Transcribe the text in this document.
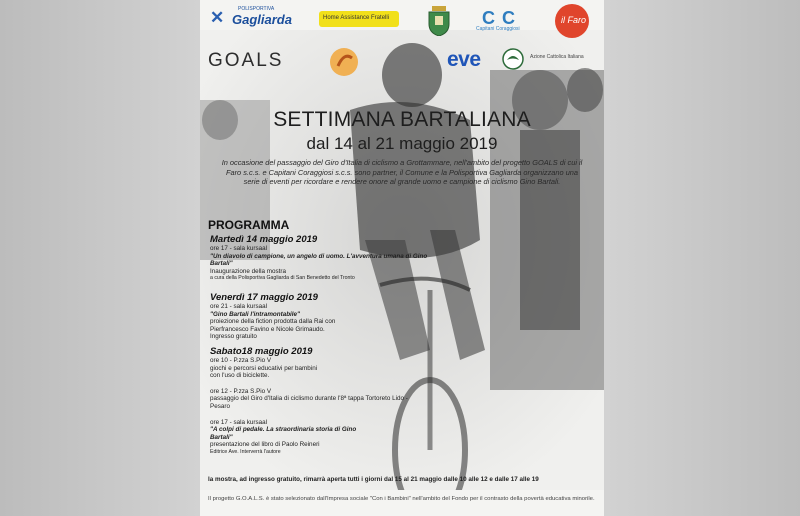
✕	POLISPORTIVA
Gagliarda	Home Assistance Fratelli	C C
Capitani Coraggiosi
il Faro
GOALS	eve	Azione Cattolica Italiana
SETTIMANA BARTALIANA
dal 14 al 21 maggio 2019
In occasione del passaggio del Giro d'Italia di ciclismo a Grottammare, nell'ambito del progetto GOALS di cui il Faro s.c.s. e Capitani Coraggiosi s.c.s. sono partner, il Comune e la Polisportiva Gagliarda organizzano una serie di eventi per ricordare e rendere onore al grande uomo e campione di ciclismo Gino Bartali.
PROGRAMMA
Martedì 14 maggio 2019
ore 17 - sala kursaal
"Un diavolo di campione, un angelo di uomo. L'avventura umana di Gino Bartali"
Inaugurazione della mostra
a cura della Polisportiva Gagliarda di San Benedetto del Tronto
Venerdì 17 maggio 2019
ore 21 - sala kursaal
"Gino Bartali l'intramontabile"
proiezione della fiction prodotta dalla Rai con Pierfrancesco Favino e Nicole Grimaudo.
Ingresso gratuito
Sabato18 maggio 2019
ore 10 - P.zza S.Pio V
giochi e percorsi educativi per bambini con l'uso di biciclette.
ore 12 - P.zza S.Pio V
passaggio del Giro d'Italia di ciclismo durante l'8ª tappa Tortoreto Lido - Pesaro
ore 17 - sala kursaal
"A colpi di pedale. La straordinaria storia di Gino Bartali"
presentazione del libro di Paolo Reineri
Editrice Ave. Interverrà l'autore
la mostra, ad ingresso gratuito, rimarrà aperta tutti i giorni dal 15 al 21 maggio dalle 10 alle 12 e dalle 17 alle 19
Il progetto G.O.A.L.S. è stato selezionato dall'Impresa sociale "Con i Bambini" nell'ambito del Fondo per il contrasto della povertà educativa minorile.
